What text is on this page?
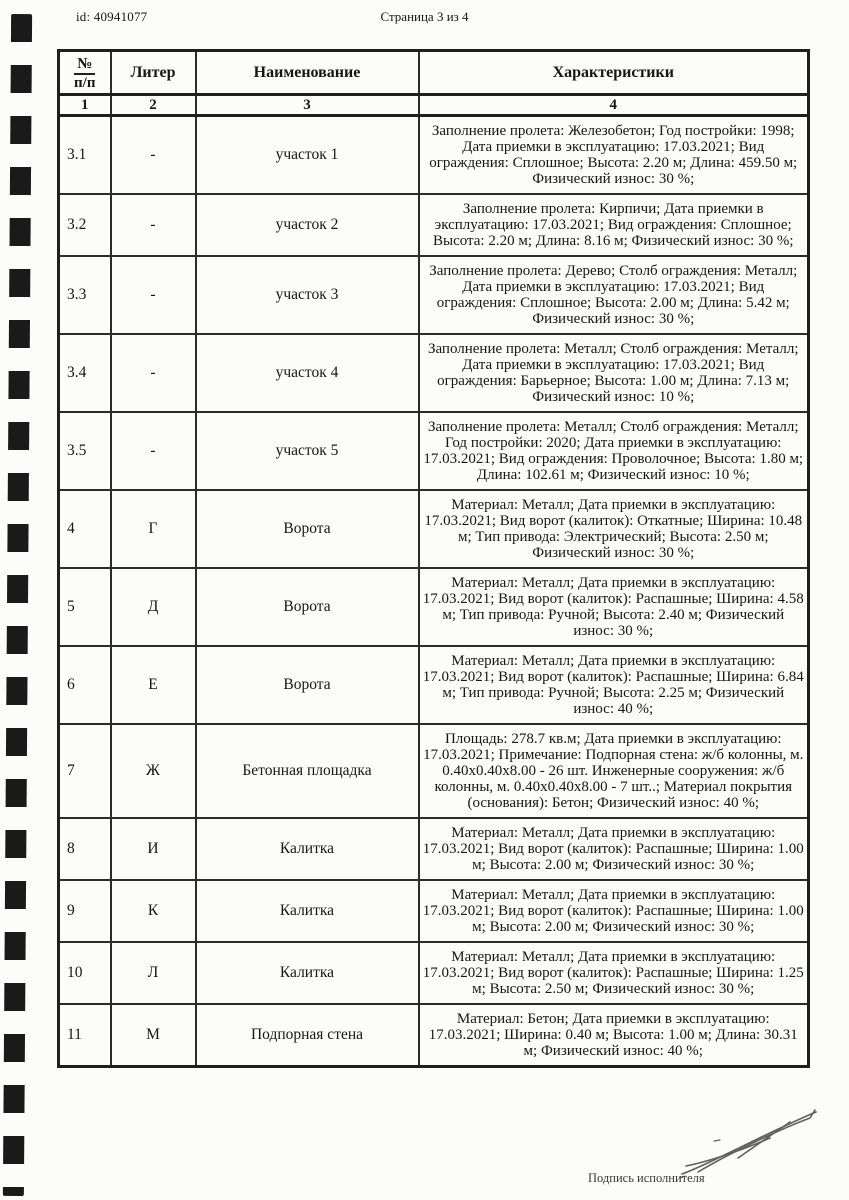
id: 40941077	Страница 3 из 4
№
п/п	Литер	Наименование	Характеристики
1	2	3	4
3.1	-	участок 1	Заполнение пролета: Железобетон; Год постройки: 1998; Дата приемки в эксплуатацию: 17.03.2021; Вид ограждения: Сплошное; Высота: 2.20 м; Длина: 459.50 м; Физический износ: 30 %;
3.2	-	участок 2	Заполнение пролета: Кирпичи; Дата приемки в эксплуатацию: 17.03.2021; Вид ограждения: Сплошное; Высота: 2.20 м; Длина: 8.16 м; Физический износ: 30 %;
3.3	-	участок 3	Заполнение пролета: Дерево; Столб ограждения: Металл; Дата приемки в эксплуатацию: 17.03.2021; Вид ограждения: Сплошное; Высота: 2.00 м; Длина: 5.42 м; Физический износ: 30 %;
3.4	-	участок 4	Заполнение пролета: Металл; Столб ограждения: Металл; Дата приемки в эксплуатацию: 17.03.2021; Вид ограждения: Барьерное; Высота: 1.00 м; Длина: 7.13 м; Физический износ: 10 %;
3.5	-	участок 5	Заполнение пролета: Металл; Столб ограждения: Металл; Год постройки: 2020; Дата приемки в эксплуатацию: 17.03.2021; Вид ограждения: Проволочное; Высота: 1.80 м; Длина: 102.61 м; Физический износ: 10 %;
4	Г	Ворота	Материал: Металл; Дата приемки в эксплуатацию: 17.03.2021; Вид ворот (калиток): Откатные; Ширина: 10.48 м; Тип привода: Электрический; Высота: 2.50 м; Физический износ: 30 %;
5	Д	Ворота	Материал: Металл; Дата приемки в эксплуатацию: 17.03.2021; Вид ворот (калиток): Распашные; Ширина: 4.58 м; Тип привода: Ручной; Высота: 2.40 м; Физический износ: 30 %;
6	Е	Ворота	Материал: Металл; Дата приемки в эксплуатацию: 17.03.2021; Вид ворот (калиток): Распашные; Ширина: 6.84 м; Тип привода: Ручной; Высота: 2.25 м; Физический износ: 40 %;
7	Ж	Бетонная площадка	Площадь: 278.7 кв.м; Дата приемки в эксплуатацию: 17.03.2021; Примечание: Подпорная стена: ж/б колонны, м. 0.40х0.40х8.00 - 26 шт. Инженерные сооружения: ж/б колонны, м. 0.40х0.40х8.00 - 7 шт..; Материал покрытия (основания): Бетон; Физический износ: 40 %;
8	И	Калитка	Материал: Металл; Дата приемки в эксплуатацию: 17.03.2021; Вид ворот (калиток): Распашные; Ширина: 1.00 м; Высота: 2.00 м; Физический износ: 30 %;
9	К	Калитка	Материал: Металл; Дата приемки в эксплуатацию: 17.03.2021; Вид ворот (калиток): Распашные; Ширина: 1.00 м; Высота: 2.00 м; Физический износ: 30 %;
10	Л	Калитка	Материал: Металл; Дата приемки в эксплуатацию: 17.03.2021; Вид ворот (калиток): Распашные; Ширина: 1.25 м; Высота: 2.50 м; Физический износ: 30 %;
11	М	Подпорная стена	Материал: Бетон; Дата приемки в эксплуатацию: 17.03.2021; Ширина: 0.40 м; Высота: 1.00 м; Длина: 30.31 м; Физический износ: 40 %;
Подпись исполнителя
